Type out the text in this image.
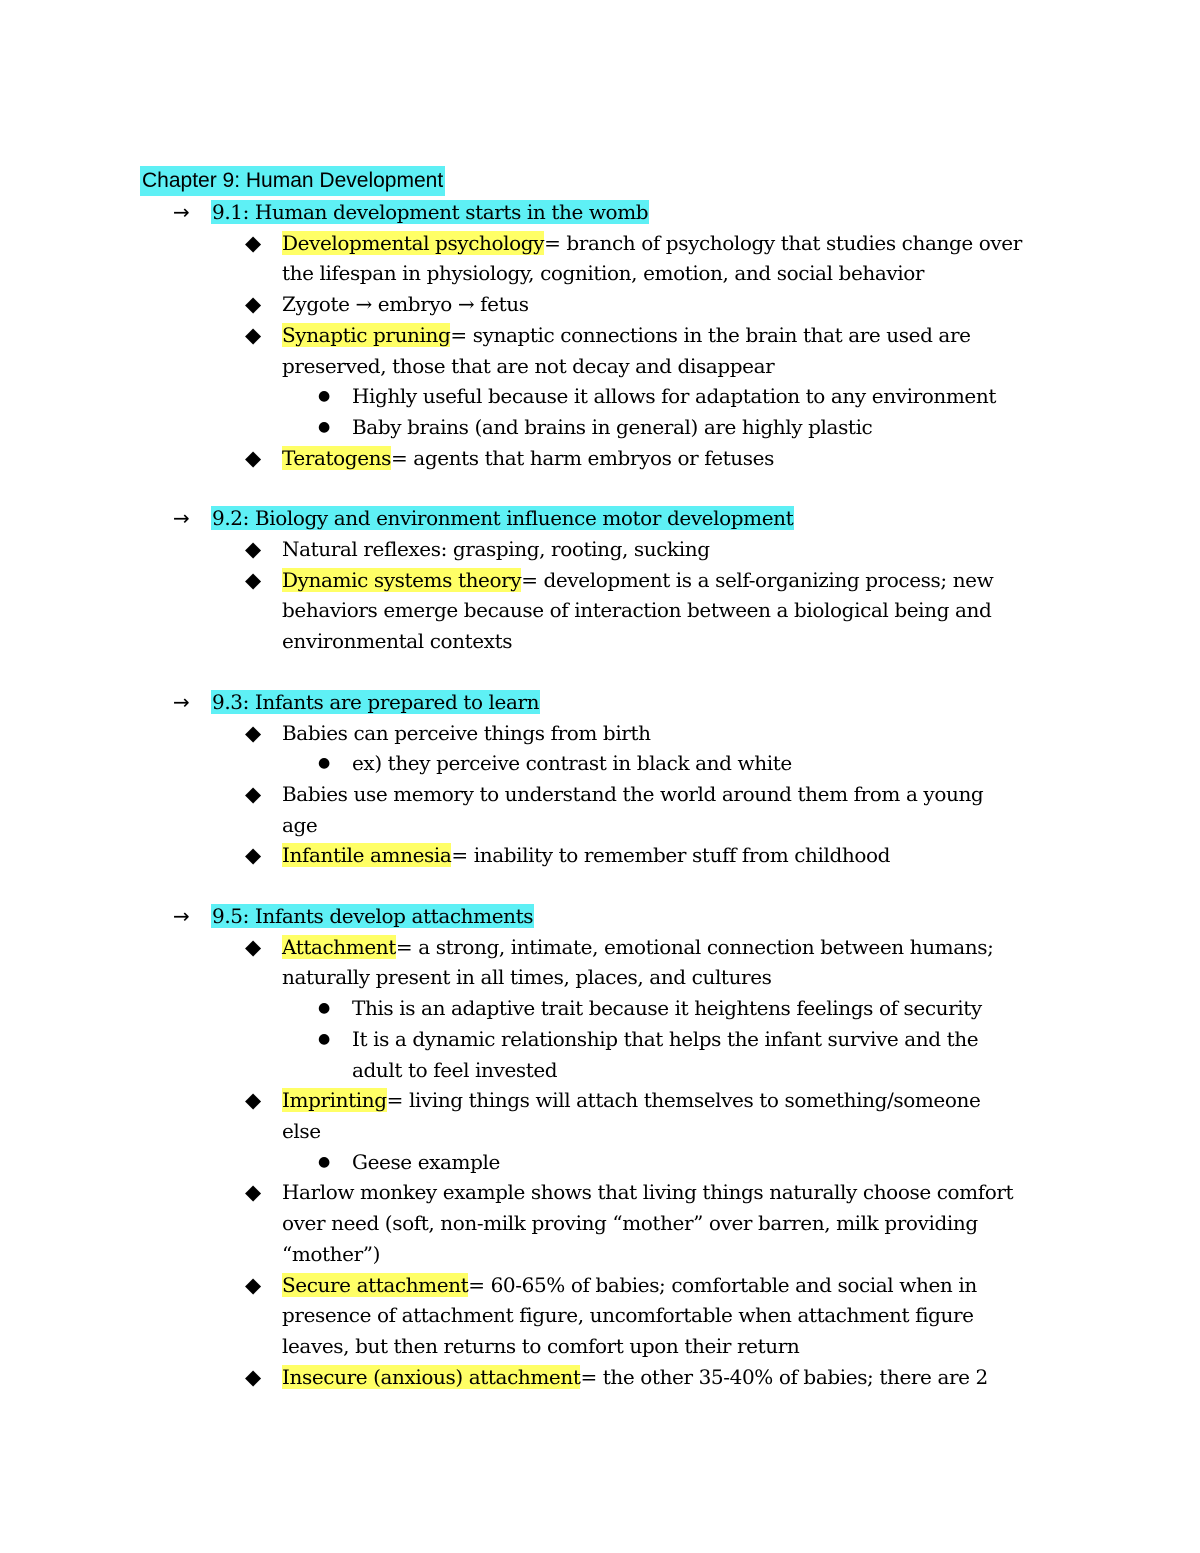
Chapter 9: Human Development
→ 9.1: Human development starts in the womb
◆ Developmental psychology= branch of psychology that studies change over
the lifespan in physiology, cognition, emotion, and social behavior
◆ Zygote → embryo → fetus
◆ Synaptic pruning= synaptic connections in the brain that are used are
preserved, those that are not decay and disappear
● Highly useful because it allows for adaptation to any environment
● Baby brains (and brains in general) are highly plastic
◆ Teratogens= agents that harm embryos or fetuses
→ 9.2: Biology and environment influence motor development
◆ Natural reflexes: grasping, rooting, sucking
◆ Dynamic systems theory= development is a self-organizing process; new
behaviors emerge because of interaction between a biological being and
environmental contexts
→ 9.3: Infants are prepared to learn
◆ Babies can perceive things from birth
● ex) they perceive contrast in black and white
◆ Babies use memory to understand the world around them from a young
age
◆ Infantile amnesia= inability to remember stuff from childhood
→ 9.5: Infants develop attachments
◆ Attachment= a strong, intimate, emotional connection between humans;
naturally present in all times, places, and cultures
● This is an adaptive trait because it heightens feelings of security
● It is a dynamic relationship that helps the infant survive and the
adult to feel invested
◆ Imprinting= living things will attach themselves to something/someone
else
● Geese example
◆ Harlow monkey example shows that living things naturally choose comfort
over need (soft, non-milk proving “mother” over barren, milk providing
“mother”)
◆ Secure attachment= 60-65% of babies; comfortable and social when in
presence of attachment figure, uncomfortable when attachment figure
leaves, but then returns to comfort upon their return
◆ Insecure (anxious) attachment= the other 35-40% of babies; there are 2
